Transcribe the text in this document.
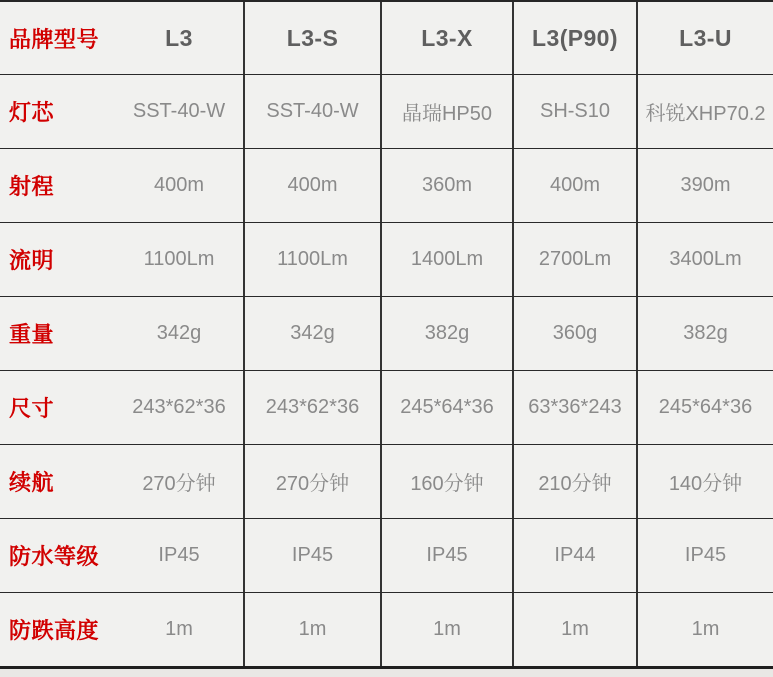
品牌型号	L3	L3-S	L3-X	L3(P90)	L3-U
灯芯	SST-40-W	SST-40-W	晶瑞HP50	SH-S10	科锐XHP70.2
射程	400m	400m	360m	400m	390m
流明	1100Lm	1100Lm	1400Lm	2700Lm	3400Lm
重量	342g	342g	382g	360g	382g
尺寸	243*62*36	243*62*36	245*64*36	63*36*243	245*64*36
续航	270分钟	270分钟	160分钟	210分钟	140分钟
防水等级	IP45	IP45	IP45	IP44	IP45
防跌高度	1m	1m	1m	1m	1m
